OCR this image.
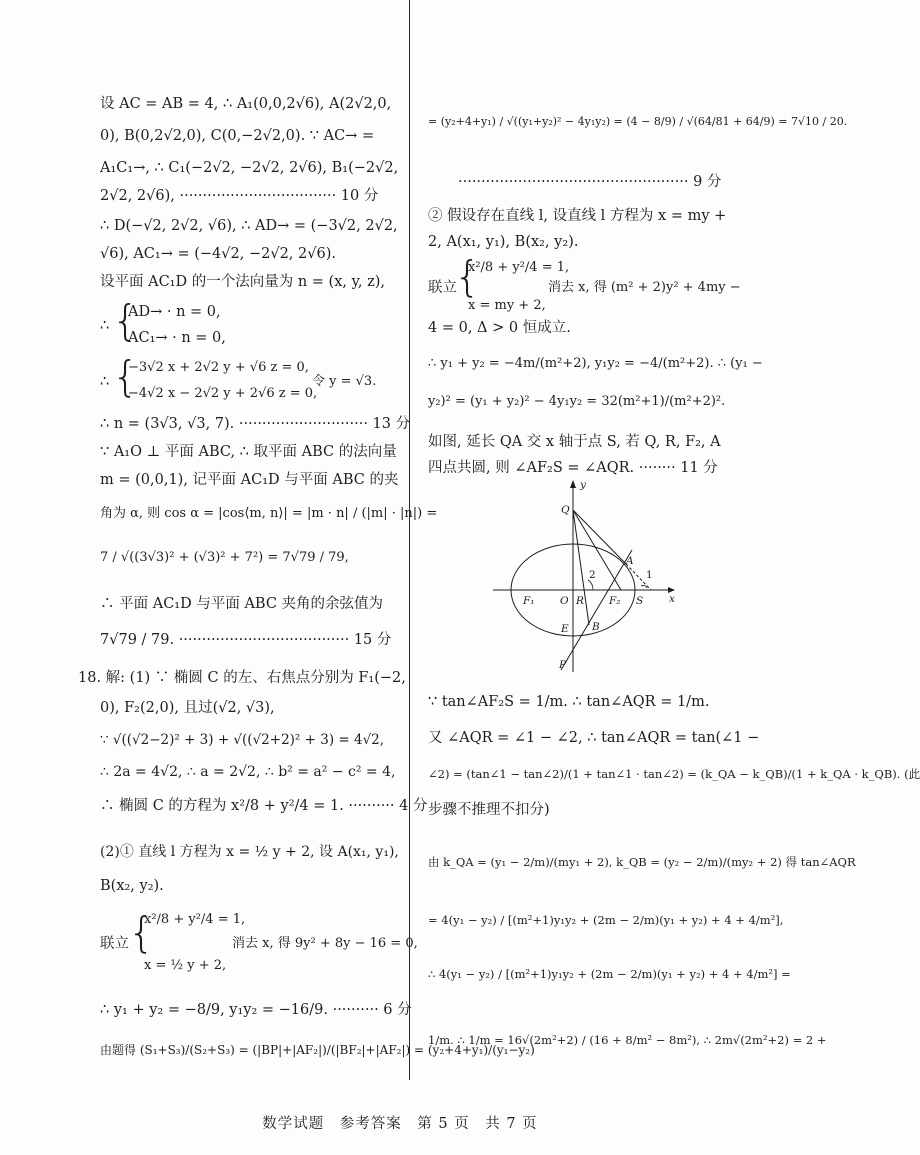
设 AC = AB = 4, ∴ A₁(0,0,2√6), A(2√2,0,
0), B(0,2√2,0), C(0,−2√2,0). ∵ AC→ =
A₁C₁→, ∴ C₁(−2√2, −2√2, 2√6), B₁(−2√2,
2√2, 2√6), ·································· 10 分
∴ D(−√2, 2√2, √6), ∴ AD→ = (−3√2, 2√2,
√6), AC₁→ = (−4√2, −2√2, 2√6).
设平面 AC₁D 的一个法向量为 n = (x, y, z),
∴ {
AD→ · n = 0,
AC₁→ · n = 0,
∴ {
−3√2 x + 2√2 y + √6 z = 0,
−4√2 x − 2√2 y + 2√6 z = 0,
令 y = √3.
∴ n = (3√3, √3, 7). ···························· 13 分
∵ A₁O ⊥ 平面 ABC, ∴ 取平面 ABC 的法向量
m = (0,0,1), 记平面 AC₁D 与平面 ABC 的夹
角为 α, 则 cos α = |cos⟨m, n⟩| = |m · n| / (|m| · |n|) =
7 / √((3√3)² + (√3)² + 7²) = 7√79 / 79,
∴ 平面 AC₁D 与平面 ABC 夹角的余弦值为
7√79 / 79. ····································· 15 分
18. 解: (1) ∵ 椭圆 C 的左、右焦点分别为 F₁(−2,
0), F₂(2,0), 且过(√2, √3),
∵ √((√2−2)² + 3) + √((√2+2)² + 3) = 4√2,
∴ 2a = 4√2, ∴ a = 2√2, ∴ b² = a² − c² = 4,
∴ 椭圆 C 的方程为 x²/8 + y²/4 = 1. ·········· 4 分
(2)① 直线 l 方程为 x = ½ y + 2, 设 A(x₁, y₁),
B(x₂, y₂).
联立 {
x²/8 + y²/4 = 1,
x = ½ y + 2,
消去 x, 得 9y² + 8y − 16 = 0,
∴ y₁ + y₂ = −8/9, y₁y₂ = −16/9. ·········· 6 分
由题得 (S₁+S₃)/(S₂+S₃) = (|BP|+|AF₂|)/(|BF₂|+|AF₂|) = (y₂+4+y₁)/(y₁−y₂)
= (y₂+4+y₁) / √((y₁+y₂)² − 4y₁y₂) = (4 − 8/9) / √(64/81 + 64/9) = 7√10 / 20.
·················································· 9 分
② 假设存在直线 l, 设直线 l 方程为 x = my +
2, A(x₁, y₁), B(x₂, y₂).
联立
{
x²/8 + y²/4 = 1,
x = my + 2,
消去 x, 得 (m² + 2)y² + 4my −
4 = 0, Δ > 0 恒成立.
∴ y₁ + y₂ = −4m/(m²+2), y₁y₂ = −4/(m²+2). ∴ (y₁ −
y₂)² = (y₁ + y₂)² − 4y₁y₂ = 32(m²+1)/(m²+2)².
如图, 延长 QA 交 x 轴于点 S, 若 Q, R, F₂, A
四点共圆, 则 ∠AF₂S = ∠AQR. ········ 11 分
∵ tan∠AF₂S = 1/m. ∴ tan∠AQR = 1/m.
又 ∠AQR = ∠1 − ∠2, ∴ tan∠AQR = tan(∠1 −
∠2) = (tan∠1 − tan∠2)/(1 + tan∠1 · tan∠2) = (k_QA − k_QB)/(1 + k_QA · k_QB). (此
步骤不推理不扣分)
由 k_QA = (y₁ − 2/m)/(my₁ + 2), k_QB = (y₂ − 2/m)/(my₂ + 2) 得 tan∠AQR
= 4(y₁ − y₂) / [(m²+1)y₁y₂ + (2m − 2/m)(y₁ + y₂) + 4 + 4/m²],
∴ 4(y₁ − y₂) / [(m²+1)y₁y₂ + (2m − 2/m)(y₁ + y₂) + 4 + 4/m²] =
1/m. ∴ 1/m = 16√(2m²+2) / (16 + 8/m² − 8m²), ∴ 2m√(2m²+2) = 2 +
y
x
Q
A
1
2
F₁ O R F₂ S
E B
P
数学试题　参考答案　第 5 页　共 7 页
